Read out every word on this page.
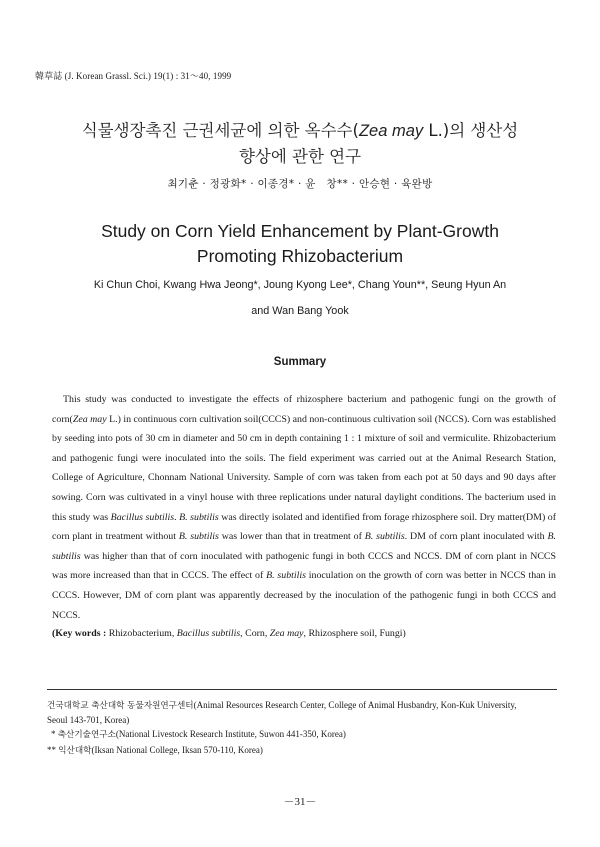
韓草誌 (J. Korean Grassl. Sci.) 19(1) : 31～40, 1999
식물생장촉진 근권세균에 의한 옥수수(Zea may L.)의 생산성
향상에 관한 연구
최기춘 · 정광화* · 이종경* · 윤　창** · 안승현 · 육완방
Study on Corn Yield Enhancement by Plant-Growth
Promoting Rhizobacterium
Ki Chun Choi, Kwang Hwa Jeong*, Joung Kyong Lee*, Chang Youn**, Seung Hyun An
and Wan Bang Yook
Summary

This study was conducted to investigate the effects of rhizosphere bacterium and pathogenic fungi on the growth of corn(Zea may L.) in continuous corn cultivation soil(CCCS) and non-continuous cultivation soil (NCCS). Corn was established by seeding into pots of 30 cm in diameter and 50 cm in depth containing 1 : 1 mixture of soil and vermiculite. Rhizobacterium and pathogenic fungi were inoculated into the soils. The field experiment was carried out at the Animal Research Station, College of Agriculture, Chonnam National University. Sample of corn was taken from each pot at 50 days and 90 days after sowing. Corn was cultivated in a vinyl house with three replications under natural daylight conditions. The bacterium used in this study was Bacillus subtilis. B. subtilis was directly isolated and identified from forage rhizosphere soil. Dry matter(DM) of corn plant in treatment without B. subtilis was lower than that in treatment of B. subtilis. DM of corn plant inoculated with B. subtilis was higher than that of corn inoculated with pathogenic fungi in both CCCS and NCCS. DM of corn plant in NCCS was more increased than that in CCCS. The effect of B. subtilis inoculation on the growth of corn was better in NCCS than in CCCS. However, DM of corn plant was apparently decreased by the inoculation of the pathogenic fungi in both CCCS and NCCS.

(Key words : Rhizobacterium, Bacillus subtilis, Corn, Zea may, Rhizosphere soil, Fungi)
건국대학교 축산대학 동물자원연구센터(Animal Resources Research Center, College of Animal Husbandry, Kon-Kuk University,
Seoul 143-701, Korea)
* 축산기술연구소(National Livestock Research Institute, Suwon 441-350, Korea)
** 익산대학(Iksan National College, Iksan 570-110, Korea)
－31－
